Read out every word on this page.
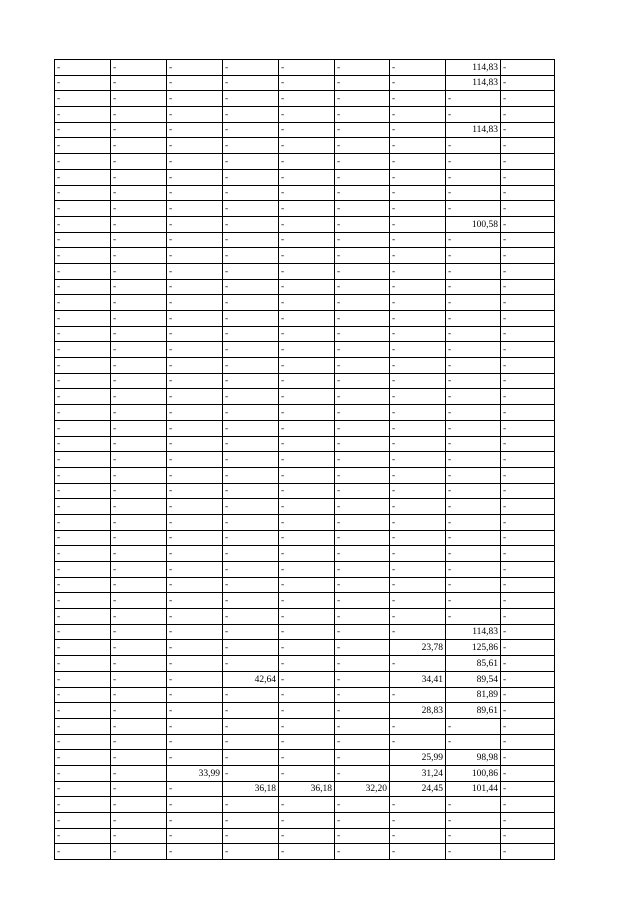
-	-	-	-	-	-	-	114,83	-
-	-	-	-	-	-	-	114,83	-
-	-	-	-	-	-	-	-	-
-	-	-	-	-	-	-	-	-
-	-	-	-	-	-	-	114,83	-
-	-	-	-	-	-	-	-	-
-	-	-	-	-	-	-	-	-
-	-	-	-	-	-	-	-	-
-	-	-	-	-	-	-	-	-
-	-	-	-	-	-	-	-	-
-	-	-	-	-	-	-	100,58	-
-	-	-	-	-	-	-	-	-
-	-	-	-	-	-	-	-	-
-	-	-	-	-	-	-	-	-
-	-	-	-	-	-	-	-	-
-	-	-	-	-	-	-	-	-
-	-	-	-	-	-	-	-	-
-	-	-	-	-	-	-	-	-
-	-	-	-	-	-	-	-	-
-	-	-	-	-	-	-	-	-
-	-	-	-	-	-	-	-	-
-	-	-	-	-	-	-	-	-
-	-	-	-	-	-	-	-	-
-	-	-	-	-	-	-	-	-
-	-	-	-	-	-	-	-	-
-	-	-	-	-	-	-	-	-
-	-	-	-	-	-	-	-	-
-	-	-	-	-	-	-	-	-
-	-	-	-	-	-	-	-	-
-	-	-	-	-	-	-	-	-
-	-	-	-	-	-	-	-	-
-	-	-	-	-	-	-	-	-
-	-	-	-	-	-	-	-	-
-	-	-	-	-	-	-	-	-
-	-	-	-	-	-	-	-	-
-	-	-	-	-	-	-	-	-
-	-	-	-	-	-	-	114,83	-
-	-	-	-	-	-	23,78	125,86	-
-	-	-	-	-	-	-	85,61	-
-	-	-	42,64	-	-	34,41	89,54	-
-	-	-	-	-	-	-	81,89	-
-	-	-	-	-	-	28,83	89,61	-
-	-	-	-	-	-	-	-	-
-	-	-	-	-	-	-	-	-
-	-	-	-	-	-	25,99	98,98	-
-	-	33,99	-	-	-	31,24	100,86	-
-	-	-	36,18	36,18	32,20	24,45	101,44	-
-	-	-	-	-	-	-	-	-
-	-	-	-	-	-	-	-	-
-	-	-	-	-	-	-	-	-
-	-	-	-	-	-	-	-	-
